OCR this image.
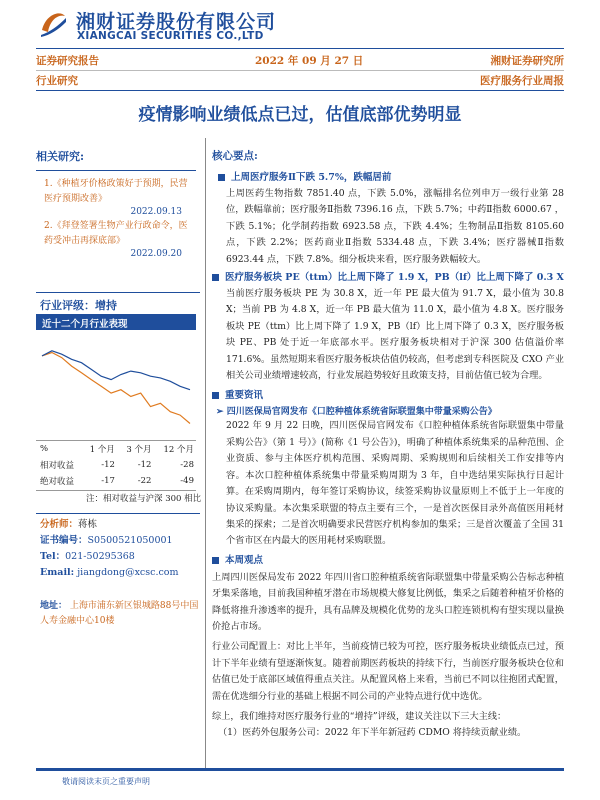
湘财证券股份有限公司
XIANGCAI SECURITIES CO.,LTD
证券研究报告	2022 年 09 月 27 日	湘财证券研究所
行业研究	医疗服务行业周报
疫情影响业绩低点已过，估值底部优势明显
相关研究:
1.《种植牙价格政策好于预期，民营医疗预期改善》
2022.09.13
2.《拜登签署生物产业行政命令，医药受冲击再探底部》
2022.09.20
行业评级：增持
近十二个月行业表现
%	1 个月	3 个月	12 个月
相对收益	-12	-12	-28
绝对收益	-17	-22	-49
注：相对收益与沪深 300 相比
分析师：蒋栋
证书编号：S0500521050001
Tel：021-50295368
Email: jiangdong@xcsc.com
地址： 上海市浦东新区银城路88号中国人寿金融中心10楼
核心要点:
上周医疗服务Ⅱ下跌 5.7%，跌幅居前
上周医药生物指数 7851.40 点，下跌 5.0%，涨幅排名位列申万一级行业第 28 位，跌幅靠前；医疗服务Ⅱ指数 7396.16 点，下跌 5.7%；中药Ⅱ指数 6000.67 ，下跌 5.1%；化学制药指数 6923.58 点，下跌 4.4%；生物制品Ⅱ指数 8105.60 点，下跌 2.2%；医药商业Ⅱ指数 5334.48 点，下跌 3.4%；医疗器械Ⅱ指数 6923.44 点，下跌 7.8%。细分板块来看，医疗服务跌幅较大。
医疗服务板块 PE（ttm）比上周下降了 1.9 X，PB（lf）比上周下降了 0.3 X
当前医疗服务板块 PE 为 30.8 X，近一年 PE 最大值为 91.7 X，最小值为 30.8 X；当前 PB 为 4.8 X，近一年 PB 最大值为 11.0 X，最小值为 4.8 X。医疗服务板块 PE（ttm）比上周下降了 1.9 X，PB（lf）比上周下降了 0.3 X，医疗服务板块 PE、PB 处于近一年底部水平。医疗服务板块相对于沪深 300 估值溢价率 171.6%。虽然短期来看医疗服务板块估值仍较高，但考虑到专科医院及 CXO 产业相关公司业绩增速较高，行业发展趋势较好且政策支持，目前估值已较为合理。
重要资讯
➢ 四川医保局官网发布《口腔种植体系统省际联盟集中带量采购公告》
2022 年 9 月 22 日晚，四川医保局官网发布《口腔种植体系统省际联盟集中带量采购公告》（第 1 号）》(简称《1 号公告》)，明确了种植体系统集采的品种范围、企业资质、参与主体医疗机构范围、采购周期、采购规则和后续相关工作安排等内容。本次口腔种植体系统集中带量采购周期为 3 年，自中选结果实际执行日起计算。在采购周期内，每年签订采购协议，续签采购协议量原则上不低于上一年度的协议采购量。本次集采联盟的特点主要有三个，一是首次医保目录外高值医用耗材集采的探索；二是首次明确要求民营医疗机构参加的集采；三是首次覆盖了全国 31 个省市区在内最大的医用耗材采购联盟。
本周观点
上周四川医保局发布 2022 年四川省口腔种植系统省际联盟集中带量采购公告标志种植牙集采落地，目前我国种植牙潜在市场规模大修复比例低，集采之后随着种植牙价格的降低将推升渗透率的提升，具有品牌及规模化优势的龙头口腔连锁机构有望实现以量换价抢占市场。
行业公司配置上：对比上半年，当前疫情已较为可控，医疗服务板块业绩低点已过，预计下半年业绩有望逐渐恢复。随着前期医药板块的持续下行，当前医疗服务板块仓位和估值已处于底部区域值得重点关注。从配置风格上来看，当前已不同以往抱团式配置，需在优选细分行业的基础上根据不同公司的产业特点进行优中选优。
综上，我们维持对医疗服务行业的“增持”评级，建议关注以下三大主线：
（1）医药外包服务公司：2022 年下半年新冠药 CDMO 将持续贡献业绩。
敬请阅读末页之重要声明
